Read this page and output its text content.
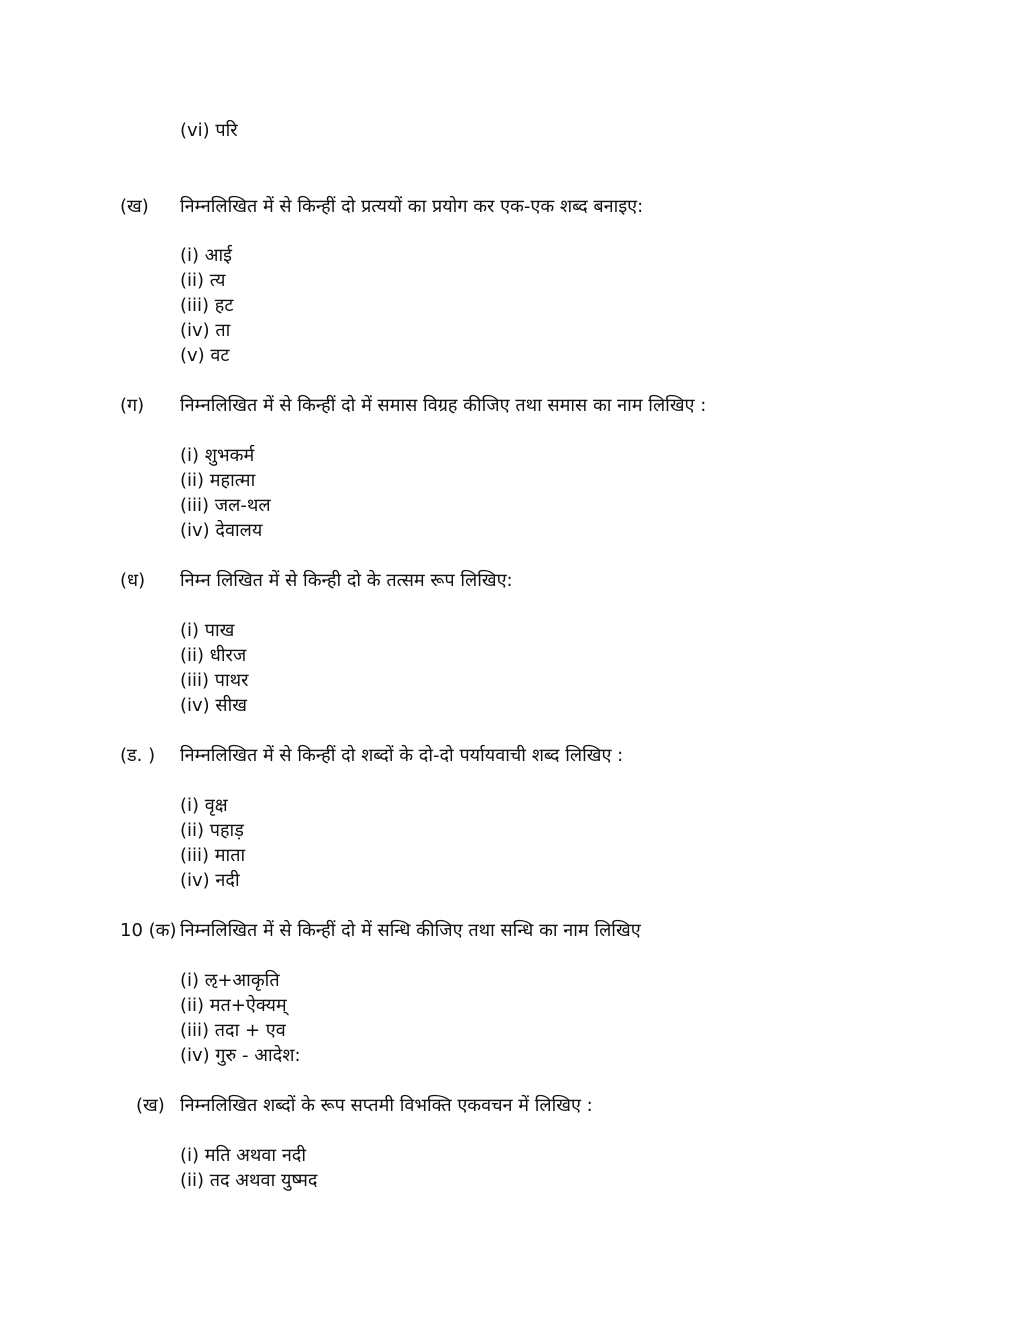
(vi) परि
(ख) निम्नलिखित में से किन्हीं दो प्रत्ययों का प्रयोग कर एक-एक शब्द बनाइए:
(i) आई
(ii) त्य
(iii) हट
(iv) ता
(v) वट
(ग) निम्नलिखित में से किन्हीं दो में समास विग्रह कीजिए तथा समास का नाम लिखिए :
(i) शुभकर्म
(ii) महात्मा
(iii) जल-थल
(iv) देवालय
(ध) निम्न लिखित में से किन्ही दो के तत्सम रूप लिखिए:
(i) पाख
(ii) धीरज
(iii) पाथर
(iv) सीख
(ड. ) निम्नलिखित में से किन्हीं दो शब्दों के दो-दो पर्यायवाची शब्द लिखिए :
(i) वृक्ष
(ii) पहाड़
(iii) माता
(iv) नदी
10 (क) निम्नलिखित में से किन्हीं दो में सन्धि कीजिए तथा सन्धि का नाम लिखिए
(i) ऌ+आकृति
(ii) मत+ऐक्यम्
(iii) तदा + एव
(iv) गुरु - आदेश:
(ख) निम्नलिखित शब्दों के रूप सप्तमी विभक्ति एकवचन में लिखिए :
(i) मति अथवा नदी
(ii) तद अथवा युष्मद
